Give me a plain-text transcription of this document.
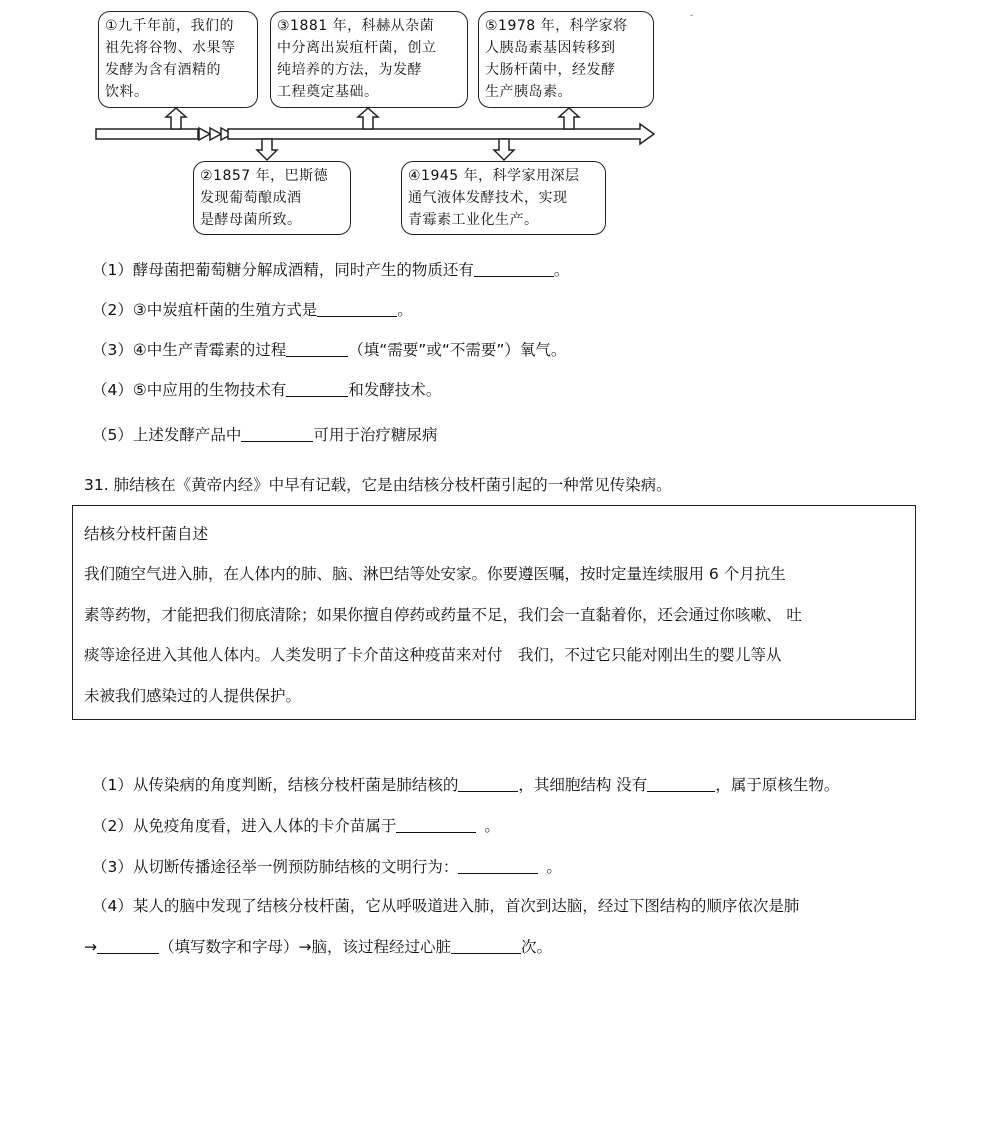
-
①九千年前，我们的
祖先将谷物、水果等
发酵为含有酒精的
饮料。
③1881 年，科赫从杂菌
中分离出炭疽杆菌，创立
纯培养的方法，为发酵
工程奠定基础。
⑤1978 年，科学家将
人胰岛素基因转移到
大肠杆菌中，经发酵
生产胰岛素。
②1857 年，巴斯德
发现葡萄酿成酒
是酵母菌所致。
④1945 年，科学家用深层
通气液体发酵技术，实现
青霉素工业化生产。
（1）酵母菌把葡萄糖分解成酒精，同时产生的物质还有	。
（2）③中炭疽杆菌的生殖方式是	。
（3）④中生产青霉素的过程	（填“需要”或“不需要”）氧气。
（4）⑤中应用的生物技术有	和发酵技术。
（5）上述发酵产品中	可用于治疗糖尿病
31. 肺结核在《黄帝内经》中早有记载，它是由结核分枝杆菌引起的一种常见传染病。
结核分枝杆菌自述
我们随空气进入肺，在人体内的肺、脑、淋巴结等处安家。你要遵医嘱，按时定量连续服用 6 个月抗生
素等药物，才能把我们彻底清除；如果你擅自停药或药量不足，我们会一直黏着你，还会通过你咳嗽、 吐
痰等途径进入其他人体内。人类发明了卡介苗这种疫苗来对付　我们，不过它只能对刚出生的婴儿等从
未被我们感染过的人提供保护。
（1）从传染病的角度判断，结核分枝杆菌是肺结核的	，其细胞结构 没有	，属于原核生物。
（2）从免疫角度看，进入人体的卡介苗属于	。
（3）从切断传播途径举一例预防肺结核的文明行为：	。
（4）某人的脑中发现了结核分枝杆菌，它从呼吸道进入肺，首次到达脑，经过下图结构的顺序依次是肺
→	（填写数字和字母）→脑，该过程经过心脏	次。
